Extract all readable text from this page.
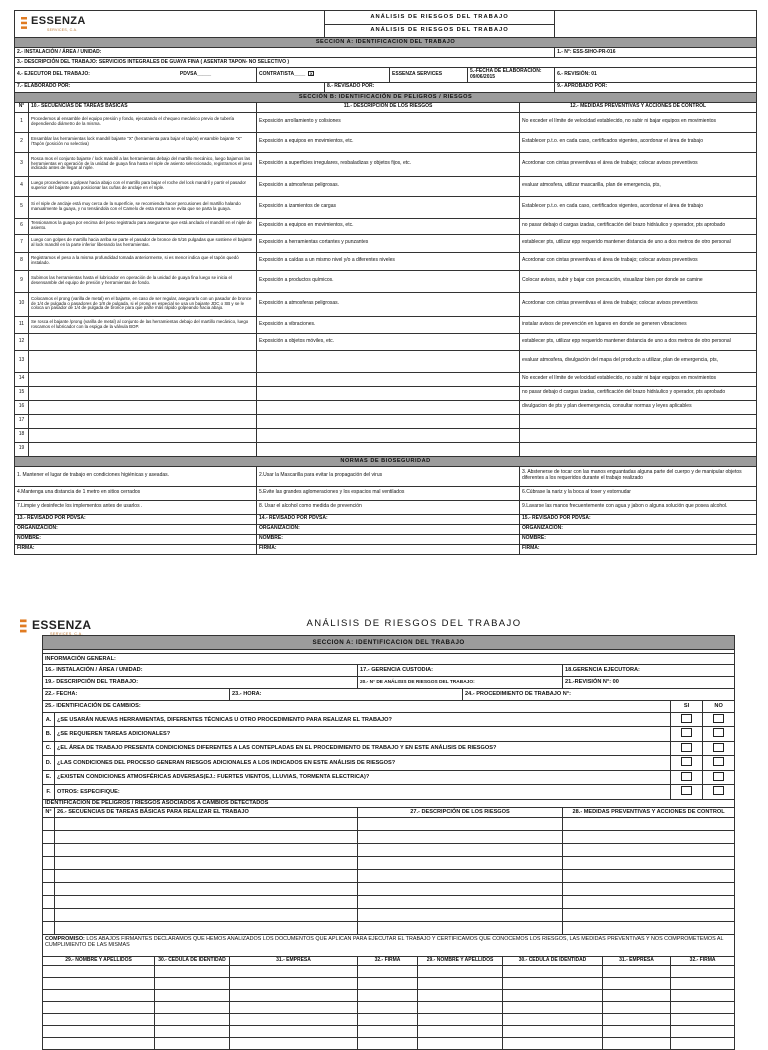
ESSENZA
SERVICES, C.A.			ANÁLISIS DE RIESGOS DEL TRABAJO				
			ANÁLISIS DE RIESGOS DEL TRABAJO				
SECCION A: IDENTIFICACION DEL TRABAJO							
2.- INSTALACIÓN / ÁREA / UNIDAD:							1.- N°: ESS-SIHO-PR-016
3.- DESCRIPCIÓN DEL TRABAJO: SERVICIOS INTEGRALES DE GUAYA FINA ( ASENTAR TAPON- NO SELECTIVO )							
4.- EJECUTOR DEL TRABAJO: PDVSA_____		CONTRATISTA____ X		ESSENZA SERVICES	5.-FECHA DE ELABORACIÓN: 09/06/2015		6.- REVISIÓN: 01
7.- ELABORADO POR:			8.- REVISADO POR:				9.- APROBADO POR:
SECCIÓN B: IDENTIFICACIÓN DE PELIGROS / RIESGOS							
N°	10.- SECUENCIAS DE TAREAS BÁSICAS	11.- DESCRIPCIÓN DE LOS RIESGOS				12.- MEDIDAS PREVENTIVAS Y ACCIONES DE CONTROL	
1	Procedemos al ensamble del equipo presión y fondo, ejecutando el chequeo mecánico previo de tubería dependiendo diámetro de la misma.	Exposición arrollamiento y colisiones				No exceder el límite de velocidad establecido, no subir ni bajar equipos en movimientos	
2	Ensamblar las herramientas lock mandril bajante "X" (herramienta para bajar el tapón) ensamble bajante "X" /Tapón (posición no selectiva)	Exposición a equipos en movimientos, etc.				Establecer p.t.o. en cada caso, certificados vigentes, acordonar el área de trabajo	
3	Rosca mos el conjunto bajante / lock mandril a las herramientas debajo del martillo mecánico, luego bajamos las herramientas en operación de la unidad de guaya fina hasta el niple de asiento seleccionado, registramos el peso indicado antes de llegar al niple.	Exposición a superficies irregulares, resbaladizas y objetos fijos, etc.				Acordonar con cintas preventivas el área de trabajo; colocar avisos preventivos	
4	Luego procedemos a golpear hacia abajo con el martillo para bajar el roche del lock mandril y partir el pasador superior del bajante para posicionar las cuñas de anclaje en el niple.	Exposición a atmosferas peligrosas.				evaluar atmosfera, utilizar mascarilla, plan de emergencia, pts,	
5	Si el niple de anclaje está muy cerca de la superficie, se recomienda hacer percusiones del martillo halando manualmente la guaya, y no tensándola con el Camelo de esta manera se evita que se parta la guaya.	Exposición a izamientos de cargas				Establecer p.t.o. en cada caso, certificados vigentes, acordonar el área de trabajo	
6	Tensionamos la guaya por encima del peso registrado para asegurarse que está anclado el mandril en el niple de asiento.	Exposición a equipos en movimientos, etc.				no pasar debajo d cargas izadas, certificación del brazo hidráulico y operador, pts aprobado	
7	Luego con golpes de martillo hacia arriba se parte el pasador de bronce de 5/16 pulgadas que sostiene el bajante al lock mandril en la parte inferior liberando las herramientas.	Exposición a herramientas cortantes y punzantes				establecer pts, utilizar epp requerido mantener distancia de uno a dos metros de otro personal	
8	Registramos el peso a la misma profundidad tomada anteriormente, si es menor indica que el tapón quedó instalado.	Exposición a caídas a un mismo nivel y/o a diferentes niveles				Acordonar con cintas preventivas el área de trabajo; colocar avisos preventivos	
9	Subimos las herramientas hasta el lubricador en operación de la unidad de guaya fina luego se inicia el desensamble del equipo de presión y herramientas de fondo.	Exposición a productos químicos.				Colocar avisos, subir y bajar con precaución, visualizar bien por donde se camine	
10	Colocamos el prong (varilla de metal) en el bajante, en caso de ser regular, asegurarlo con un pasador de bronce de 1/4 de pulgada o pasadores de 1/8 de pulgada, si el prong es especial se usa un bajante JDC o SB y se le coloca un pasador de 1/4 de pulgada de bronce para que parte más rápido golpeando hacia abajo.	Exposición a atmosferas peligrosas.				Acordonar con cintas preventivas el área de trabajo; colocar avisos preventivos	
11	Se rosca el bajante /prong (varilla de metal) al conjunto de las herramientas debajo del martillo mecánico, luego roscamos el lubricador con la espiga de la válvula BOP.	Exposición a vibraciones.				instalar avisos de prevención en lugares en donde se generen vibraciones	
12		Exposición a objetos móviles, etc.				establecer pts, utilizar epp requerido mantener distancia de uno a dos metros de otro personal	
13						evaluar atmosfera, divulgación del mapa del producto a utilizar, plan de emergencia, pts,	
14						No exceder el límite de velocidad establecido, no subir ni bajar equipos en movimientos	
15						no pasar debajo d cargas izadas, certificación del brazo hidráulico y operador, pts aprobado	
16						divulgacion de pts y plan deemergencia, consultar normas y leyes aplicables	
17							
18							
19							
NORMAS DE BIOSEGURIDAD							
1. Mantener el lugar de trabajo en condiciones higiénicas y aseadas.		2.Usar la Mascarilla para evitar la propagación del virus				3. Abstenerse de tocar con las manos enguantadas alguna parte del cuerpo y de manipular objetos diferentes a los requeridos durante el trabajo realizado	
4.Mantenga una distancia de 1 metro en sitios cerrados		5.Evite las grandes aglomeraciones y los espacios mal ventilados				6.Cúbrase la nariz y la boca al toser y estornudar	
7.Limpie y desinfecte los implementos antes de usarlos .		8. Usar el alcohol como medida de prevención				9.Lavarse las manos frecuentemente con agua y jabon o alguna solución que posea alcohol.	
13.- REVISADO POR PDVSA:		14.- REVISADO POR PDVSA:				15.- REVISADO POR PDVSA:	
ORGANIZACIÓN:		ORGANIZACIÓN:				ORGANIZACIÓN:	
NOMBRE:		NOMBRE:				NOMBRE:	
FIRMA:		FIRMA:				FIRMA:	
ESSENZA
SERVICES, C.A.
ANÁLISIS DE RIESGOS DEL TRABAJO
SECCION A: IDENTIFICACION DEL TRABAJO											

INFORMACIÓN GENERAL:											
16.- INSTALACIÓN / ÁREA / UNIDAD:				17.- GERENCIA CUSTODIA:				18.GERENCIA EJECUTORA:			
19.- DESCRIPCIÓN DEL TRABAJO:				20.- N° DE ANÁLISIS DE RIESGOS DEL TRABAJO:				21.-REVISIÓN N°: 00			
22.- FECHA:			23.- HORA:			24.- PROCEDIMIENTO DE TRABAJO N°:					
25.- IDENTIFICACIÓN DE CAMBIOS:										SI	NO
A.	¿SE USARÁN NUEVAS HERRAMIENTAS, DIFERENTES TÉCNICAS U OTRO PROCEDIMIENTO PARA REALIZAR EL TRABAJO?										
B.	¿SE REQUIEREN TAREAS ADICIONALES?										
C.	¿EL ÁREA DE TRABAJO PRESENTA CONDICIONES DIFERENTES A LAS CONTEPLADAS EN EL PROCEDIMIENTO DE TRABAJO Y EN ESTE ANÁLISIS DE RIESGOS?										
D.	¿LAS CONDICIONES DEL PROCESO GENERAN RIESGOS ADICIONALES A LOS INDICADOS EN ESTE ANÁLISIS DE RIESGOS?										
E.	¿EXISTEN CONDICIONES ATMOSFÉRICAS ADVERSAS(EJ.: FUERTES VIENTOS, LLUVIAS, TORMENTA ELECTRICA)?										
F.	OTROS: ESPECIFIQUE:										
IDENTIFICACIÓN DE PELIGROS / RIESGOS ASOCIADOS A CAMBIOS DETECTADOS											
N°	26.- SECUENCIAS DE TAREAS BÁSICAS PARA REALIZAR EL TRABAJO			27.- DESCRIPCIÓN DE LOS RIESGOS				28.- MEDIDAS PREVENTIVAS Y ACCIONES DE CONTROL			

COMPROMISO: LOS ABAJOS FIRMANTES DECLARAMOS QUE HEMOS ANALIZADOS LOS DOCUMENTOS QUE APLICAN PARA EJECUTAR EL TRABAJO Y CERTIFICAMOS QUE CONOCEMOS LOS RIESGOS, LAS MEDIDAS PREVENTIVAS Y NOS COMPROMETEMOS AL CUMPLIMIENTO DE LAS MISMAS											
29.- NOMBRE Y APELLIDOS		30.- CEDULA DE IDENTIDAD	31.- EMPRESA	32.- FIRMA	29.- NOMBRE Y APELLIDOS		30.- CEDULA DE IDENTIDAD		31.- EMPRESA	32.- FIRMA	
